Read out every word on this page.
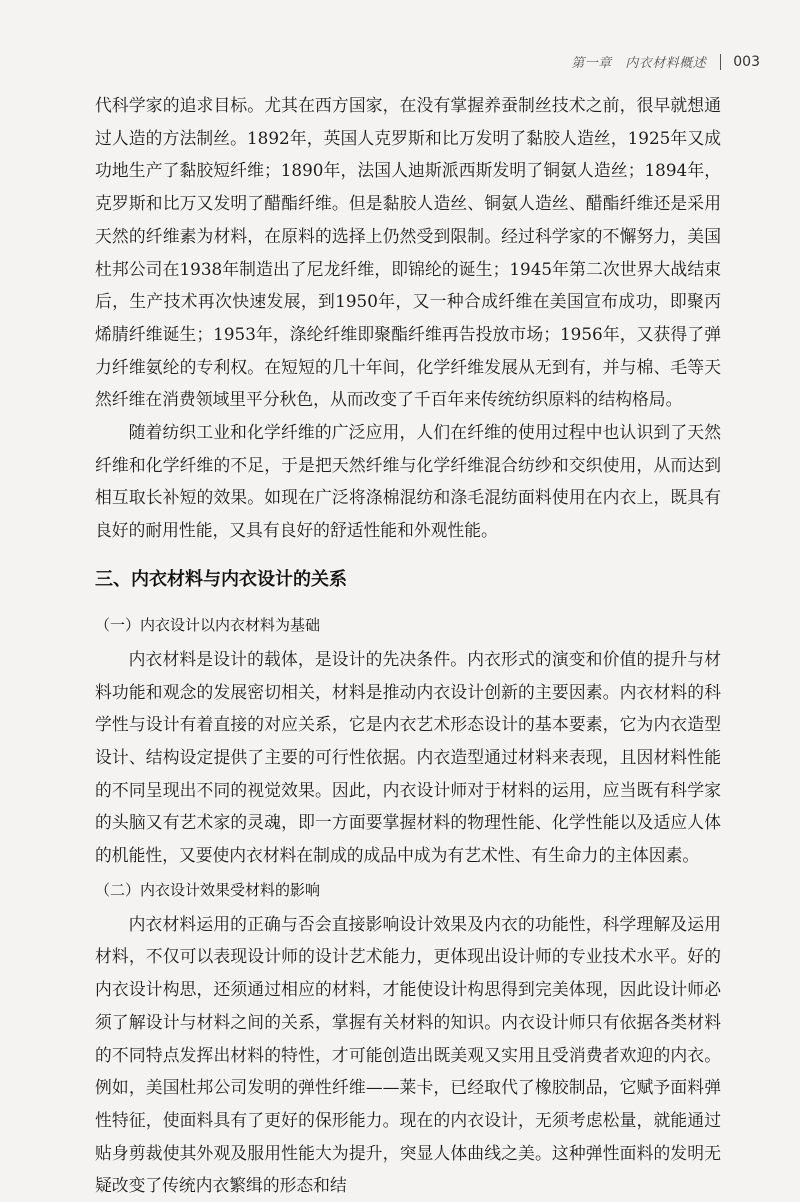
第一章　内衣材料概述 003

代科学家的追求目标。尤其在西方国家，在没有掌握养蚕制丝技术之前，很早就想通过人造的方法制丝。1892年，英国人克罗斯和比万发明了黏胶人造丝，1925年又成功地生产了黏胶短纤维；1890年，法国人迪斯派西斯发明了铜氨人造丝；1894年，克罗斯和比万又发明了醋酯纤维。但是黏胶人造丝、铜氨人造丝、醋酯纤维还是采用天然的纤维素为材料，在原料的选择上仍然受到限制。经过科学家的不懈努力，美国杜邦公司在1938年制造出了尼龙纤维，即锦纶的诞生；1945年第二次世界大战结束后，生产技术再次快速发展，到1950年，又一种合成纤维在美国宣布成功，即聚丙烯腈纤维诞生；1953年，涤纶纤维即聚酯纤维再告投放市场；1956年，又获得了弹力纤维氨纶的专利权。在短短的几十年间，化学纤维发展从无到有，并与棉、毛等天然纤维在消费领域里平分秋色，从而改变了千百年来传统纺织原料的结构格局。

随着纺织工业和化学纤维的广泛应用，人们在纤维的使用过程中也认识到了天然纤维和化学纤维的不足，于是把天然纤维与化学纤维混合纺纱和交织使用，从而达到相互取长补短的效果。如现在广泛将涤棉混纺和涤毛混纺面料使用在内衣上，既具有良好的耐用性能，又具有良好的舒适性能和外观性能。

三、内衣材料与内衣设计的关系
（一）内衣设计以内衣材料为基础

内衣材料是设计的载体，是设计的先决条件。内衣形式的演变和价值的提升与材料功能和观念的发展密切相关，材料是推动内衣设计创新的主要因素。内衣材料的科学性与设计有着直接的对应关系，它是内衣艺术形态设计的基本要素，它为内衣造型设计、结构设定提供了主要的可行性依据。内衣造型通过材料来表现，且因材料性能的不同呈现出不同的视觉效果。因此，内衣设计师对于材料的运用，应当既有科学家的头脑又有艺术家的灵魂，即一方面要掌握材料的物理性能、化学性能以及适应人体的机能性，又要使内衣材料在制成的成品中成为有艺术性、有生命力的主体因素。

（二）内衣设计效果受材料的影响

内衣材料运用的正确与否会直接影响设计效果及内衣的功能性，科学理解及运用材料，不仅可以表现设计师的设计艺术能力，更体现出设计师的专业技术水平。好的内衣设计构思，还须通过相应的材料，才能使设计构思得到完美体现，因此设计师必须了解设计与材料之间的关系，掌握有关材料的知识。内衣设计师只有依据各类材料的不同特点发挥出材料的特性，才可能创造出既美观又实用且受消费者欢迎的内衣。例如，美国杜邦公司发明的弹性纤维——莱卡，已经取代了橡胶制品，它赋予面料弹性特征，使面料具有了更好的保形能力。现在的内衣设计，无须考虑松量，就能通过贴身剪裁使其外观及服用性能大为提升，突显人体曲线之美。这种弹性面料的发明无疑改变了传统内衣繁缉的形态和结
